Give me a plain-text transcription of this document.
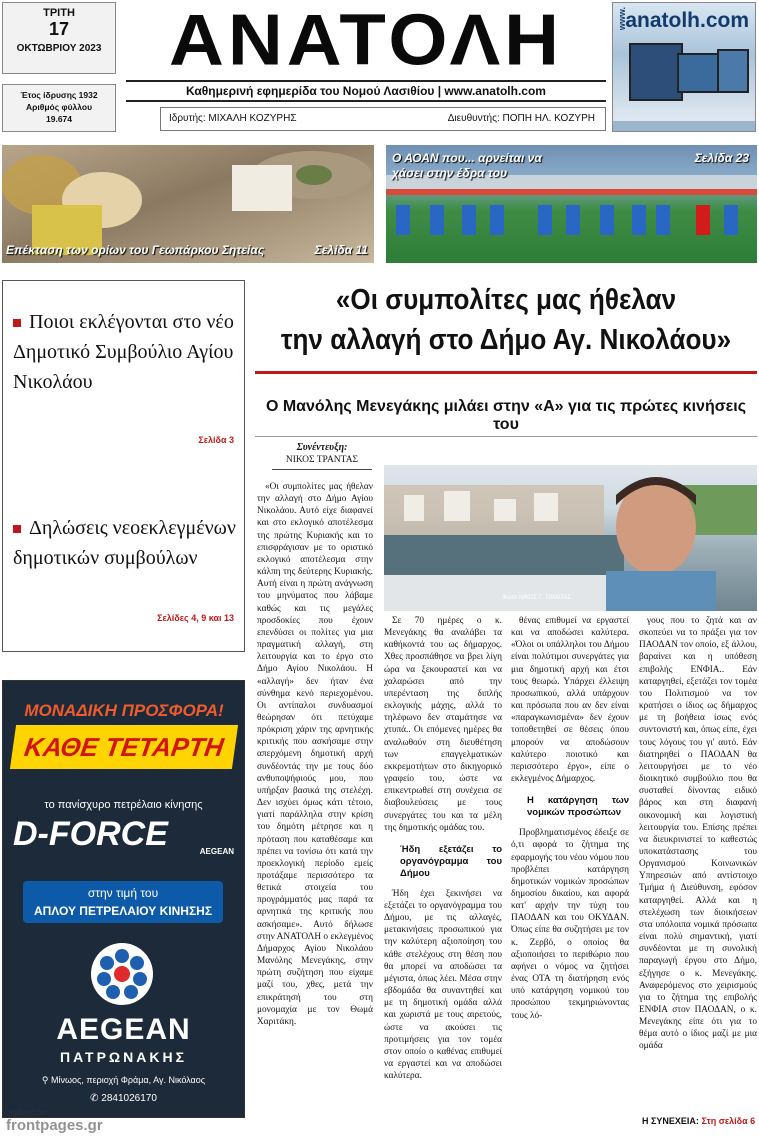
ΤΡΙΤΗ
17
ΟΚΤΩΒΡΙΟΥ 2023
Έτος ίδρυσης 1932
Αριθμός φύλλου
19.674
ΑΝΑΤΟΛΗ
Καθημερινή εφημερίδα του Νομού Λασιθίου | www.anatolh.com
Ιδρυτής: ΜΙΧΑΛΗ ΚΟΖΥΡΗΣ	Διευθυντής: ΠΟΠΗ ΗΛ. ΚΟΖΥΡΗ
www.
anatolh.com
Επέκταση των ορίων του Γεωπάρκου Σητείας	Σελίδα 11
Ο ΑΟΑΝ που... αρνείται να χάσει στην έδρα του
Σελίδα 23
Ποιοι εκλέγονται στο νέο Δημοτικό Συμβούλιο Αγίου Νικολάου
Σελίδα 3
Δηλώσεις νεοεκλεγμένων δημοτικών συμβούλων
Σελίδες 4, 9 και 13
ΜΟΝΑΔΙΚΗ ΠΡΟΣΦΟΡΑ!
ΚΑΘΕ ΤΕΤΑΡΤΗ
το πανίσχυρο πετρέλαιο κίνησης
D-FORCE	AEGEAN
στην τιμή του
ΑΠΛΟΥ ΠΕΤΡΕΛΑΙΟΥ ΚΙΝΗΣΗΣ
AEGEAN
ΠΑΤΡΩΝΑΚΗΣ
⚲ Μίνωος, περιοχή Φράμα, Αγ. Νικόλαος
✆ 2841026170
«Οι συμπολίτες μας ήθελαν
την αλλαγή στο Δήμο Αγ. Νικολάου»
Ο Μανόλης Μενεγάκης μιλάει στην «Α» για τις πρώτες κινήσεις του
Συνέντευξη:
ΝΙΚΟΣ ΤΡΑΝΤΑΣ
Φωτό ΝΙΚΟΣ Γ. ΤΡΑΝΤΑΣ

«Οι συμπολίτες μας ήθελαν την αλλαγή στο Δήμο Αγίου Νικολάου. Αυτό είχε διαφανεί και στο εκλογικό αποτέλεσμα της πρώτης Κυριακής και το επισφράγισαν με το οριστικό εκλογικό αποτέλεσμα στην κάλπη της δεύτερης Κυριακής. Αυτή είναι η πρώτη ανάγνωση του μηνύματος που λάβαμε καθώς και τις μεγάλες προσδοκίες που έχουν επενδύσει οι πολίτες για μια πραγματική αλλαγή, στη λειτουργία και το έργο στο Δήμο Αγίου Νικολάου. Η «αλλαγή» δεν ήταν ένα σύνθημα κενό περιεχομένου. Οι αντίπαλοι συνδυασμοί θεώρησαν ότι πετύχαμε πρόκριση χάριν της αρνητικής κριτικής που ασκήσαμε στην απερχόμενη δημοτική αρχή συνδέοντάς την με τους δύο ανθυποψήφιούς μου, που υπήρξαν βασικά της στελέχη. Δεν ισχύει όμως κάτι τέτοιο, γιατί παράλληλα στην κρίση του δημότη μέτρησε και η πρόταση που καταθέσαμε και πρέπει να τονίσω ότι κατά την προεκλογική περίοδο εμείς προτάξαμε περισσότερο τα θετικά στοιχεία του προγράμματός μας παρά τα αρνητικά της κριτικής που ασκήσαμε». Αυτό δήλωσε στην ΑΝΑΤΟΛΗ ο εκλεγμένος Δήμαρχος Αγίου Νικολάου Μανόλης Μενεγάκης, στην πρώτη συζήτηση που είχαμε μαζί του, χθες, μετά την επικράτησή του στη μονομαχία με τον Θωμά Χαριτάκη.

Σε 70 ημέρες ο κ. Μενεγάκης θα αναλάβει τα καθήκοντά του ως δήμαρχος. Χθες προσπάθησε να βρει λίγη ώρα να ξεκουραστεί και να χαλαρώσει από την υπερένταση της διπλής εκλογικής μάχης, αλλά το τηλέφωνο δεν σταμάτησε να χτυπά.. Οι επόμενες ημέρες θα αναλωθούν στη διευθέτηση των επαγγελματικών εκκρεμοτήτων στο δικηγορικό γραφείο του, ώστε να επικεντρωθεί στη συνέχεια σε διαβουλεύσεις με τους συνεργάτες του και τα μέλη της δημοτικής ομάδας του.

Ήδη εξετάζει το οργανόγραμμα του Δήμου

Ήδη έχει ξεκινήσει να εξετάζει το οργανόγραμμα του Δήμου, με τις αλλαγές, μετακινήσεις προσωπικού για την καλύτερη αξιοποίηση του κάθε στελέχους στη θέση που θα μπορεί να αποδώσει τα μέγιστα, όπως λέει. Μέσα στην εβδομάδα θα συναντηθεί και με τη δημοτική ομάδα αλλά και χωριστά με τους αιρετούς, ώστε να ακούσει τις προτιμήσεις για τον τομέα στον οποίο ο καθένας επιθυμεί να εργαστεί και να αποδώσει καλύτερα.

θένας επιθυμεί να εργαστεί και να αποδώσει καλύτερα. «Όλοι οι υπάλληλοι του Δήμου είναι πολύτιμοι συνεργάτες για μια δημοτική αρχή και έτσι τους θεωρώ. Υπάρχει έλλειψη προσωπικού, αλλά υπάρχουν και πρόσωπα που αν δεν είναι «παραγκωνισμένα» δεν έχουν τοποθετηθεί σε θέσεις όπου μπορούν να αποδώσουν καλύτερο ποιοτικό και περισσότερο έργο», είπε ο εκλεγμένος Δήμαρχος.

Η κατάργηση των νομικών προσώπων

Προβληματισμένος έδειξε σε ό,τι αφορά το ζήτημα της εφαρμογής του νέου νόμου που προβλέπει κατάργηση δημοτικών νομικών προσώπων δημοσίου δικαίου, και αφορά κατ' αρχήν την τύχη του ΠΑΟΔΑΝ και του ΟΚΥΔΑΝ. Όπως είπε θα συζητήσει με τον κ. Ζερβό, ο οποίος θα αξιοποιήσει το περιθώριο που αφήνει ο νόμος να ζητήσει ένας ΟΤΑ τη διατήρηση ενός υπό κατάργηση νομικού του προσώπου τεκμηριώνοντας τους λό-

γους που το ζητά και αν σκοπεύει να το πράξει για τον ΠΑΟΔΑΝ τον οποίο, εξ άλλου, βαραίνει και η υπόθεση επιβολής ΕΝΦΙΑ.. Εάν καταργηθεί, εξετάζει τον τομέα του Πολιτισμού να τον κρατήσει ο ίδιος ως δήμαρχος με τη βοήθεια ίσως ενός συντονιστή και, όπως είπε, έχει τους λόγους του γι' αυτό. Εάν διατηρηθεί ο ΠΑΟΔΑΝ θα λειτουργήσει με το νέο διοικητικό συμβούλιο που θα συσταθεί δίνοντας ειδικό βάρος και στη διαφανή οικονομική και λογιστική λειτουργία του. Επίσης πρέπει να διευκρινιστεί το καθεστώς υποκατάστασης του Οργανισμού Κοινωνικών Υπηρεσιών από αντίστοιχο Τμήμα ή Διεύθυνση, εφόσον καταργηθεί. Αλλά και η στελέχωση των διοικήσεων στα υπόλοιπα νομικά πρόσωπα είναι πολύ σημαντική, γιατί συνδέονται με τη συνολική παραγωγή έργου στο Δήμο, εξήγησε ο κ. Μενεγάκης. Αναφερόμενος στο χειρισμούς για το ζήτημα της επιβολής ΕΝΦΙΑ στον ΠΑΟΔΑΝ, ο κ. Μενεγάκης είπε ότι για το θέμα αυτό ο ίδιος μαζί με μια ομάδα

Η ΣΥΝΕΧΕΙΑ: Στη σελίδα 6
digitized for
frontpages.gr
